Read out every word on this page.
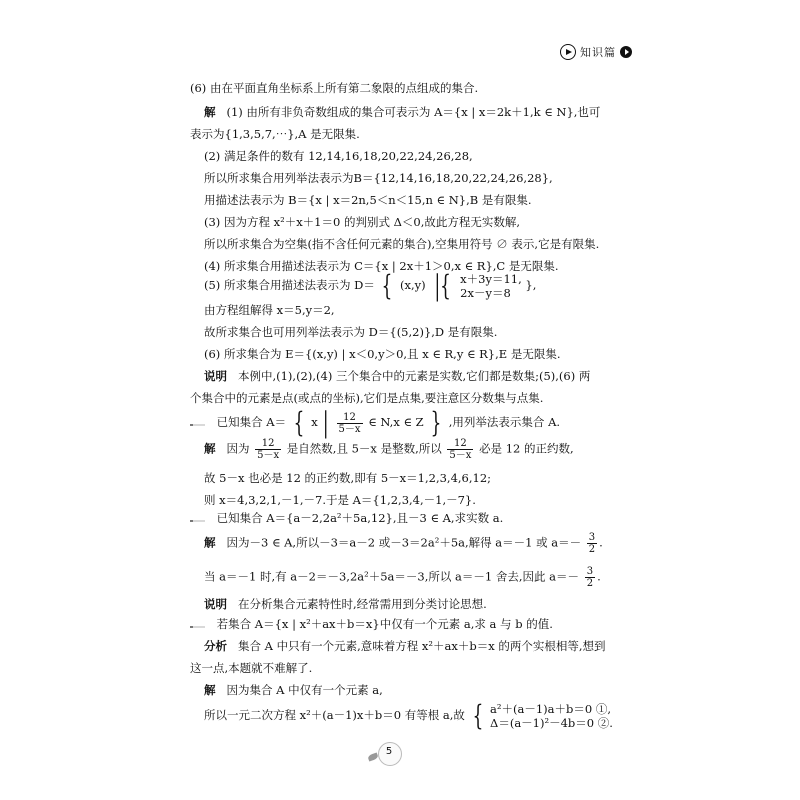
知识篇
(6) 由在平面直角坐标系上所有第二象限的点组成的集合.
解 (1) 由所有非负奇数组成的集合可表示为 A＝{x | x＝2k＋1,k ∈ N},也可
表示为{1,3,5,7,⋯},A 是无限集.
(2) 满足条件的数有 12,14,16,18,20,22,24,26,28,
所以所求集合用列举法表示为B＝{12,14,16,18,20,22,24,26,28},
用描述法表示为 B＝{x | x＝2n,5＜n＜15,n ∈ N},B 是有限集.
(3) 因为方程 x²＋x＋1＝0 的判别式 Δ＜0,故此方程无实数解,
所以所求集合为空集(指不含任何元素的集合),空集用符号 ∅ 表示,它是有限集.
(4) 所求集合用描述法表示为 C＝{x | 2x＋1＞0,x ∈ R},C 是无限集.
(5) 所求集合用描述法表示为 D＝ { (x,y) |{ x＋3y＝11,
2x－y＝8
},
由方程组解得 x＝5,y＝2,
故所求集合也可用列举法表示为 D＝{(5,2)},D 是有限集.
(6) 所求集合为 E＝{(x,y) | x＜0,y＞0,且 x ∈ R,y ∈ R},E 是无限集.
说明 本例中,(1),(2),(4) 三个集合中的元素是实数,它们都是数集;(5),(6) 两
个集合中的元素是点(或点的坐标),它们是点集,要注意区分数集与点集.
已知集合 A＝ { x | $\frac{12}{5-x}$ ∈ N,x ∈ Z } ,用列举法表示集合 A.
解 因为 $\frac{12}{5-x}$ 是自然数,且 5－x 是整数,所以 $\frac{12}{5-x}$ 必是 12 的正约数,
故 5－x 也必是 12 的正约数,即有 5－x＝1,2,3,4,6,12;
则 x＝4,3,2,1,－1,－7.于是 A＝{1,2,3,4,－1,－7}.
已知集合 A＝{a－2,2a²＋5a,12},且－3 ∈ A,求实数 a.
解 因为－3 ∈ A,所以－3＝a－2 或－3＝2a²＋5a,解得 a＝－1 或 $a=- \frac{3}{2}$ .
当 a＝－1 时,有 a－2＝－3,2a²＋5a＝－3,所以 a＝－1 舍去,因此 $a=- \frac{3}{2}$ .
说明 在分析集合元素特性时,经常需用到分类讨论思想.
若集合 A＝{x | x²＋ax＋b＝x}中仅有一个元素 a,求 a 与 b 的值.
分析 集合 A 中只有一个元素,意味着方程 x²＋ax＋b＝x 的两个实根相等,想到
这一点,本题就不难解了.
解 因为集合 A 中仅有一个元素 a,
所以一元二次方程 x²＋(a－1)x＋b＝0 有等根 a,故 { a²＋(a－1)a＋b＝0 ①,
Δ＝(a－1)²－4b＝0 ②.
5
